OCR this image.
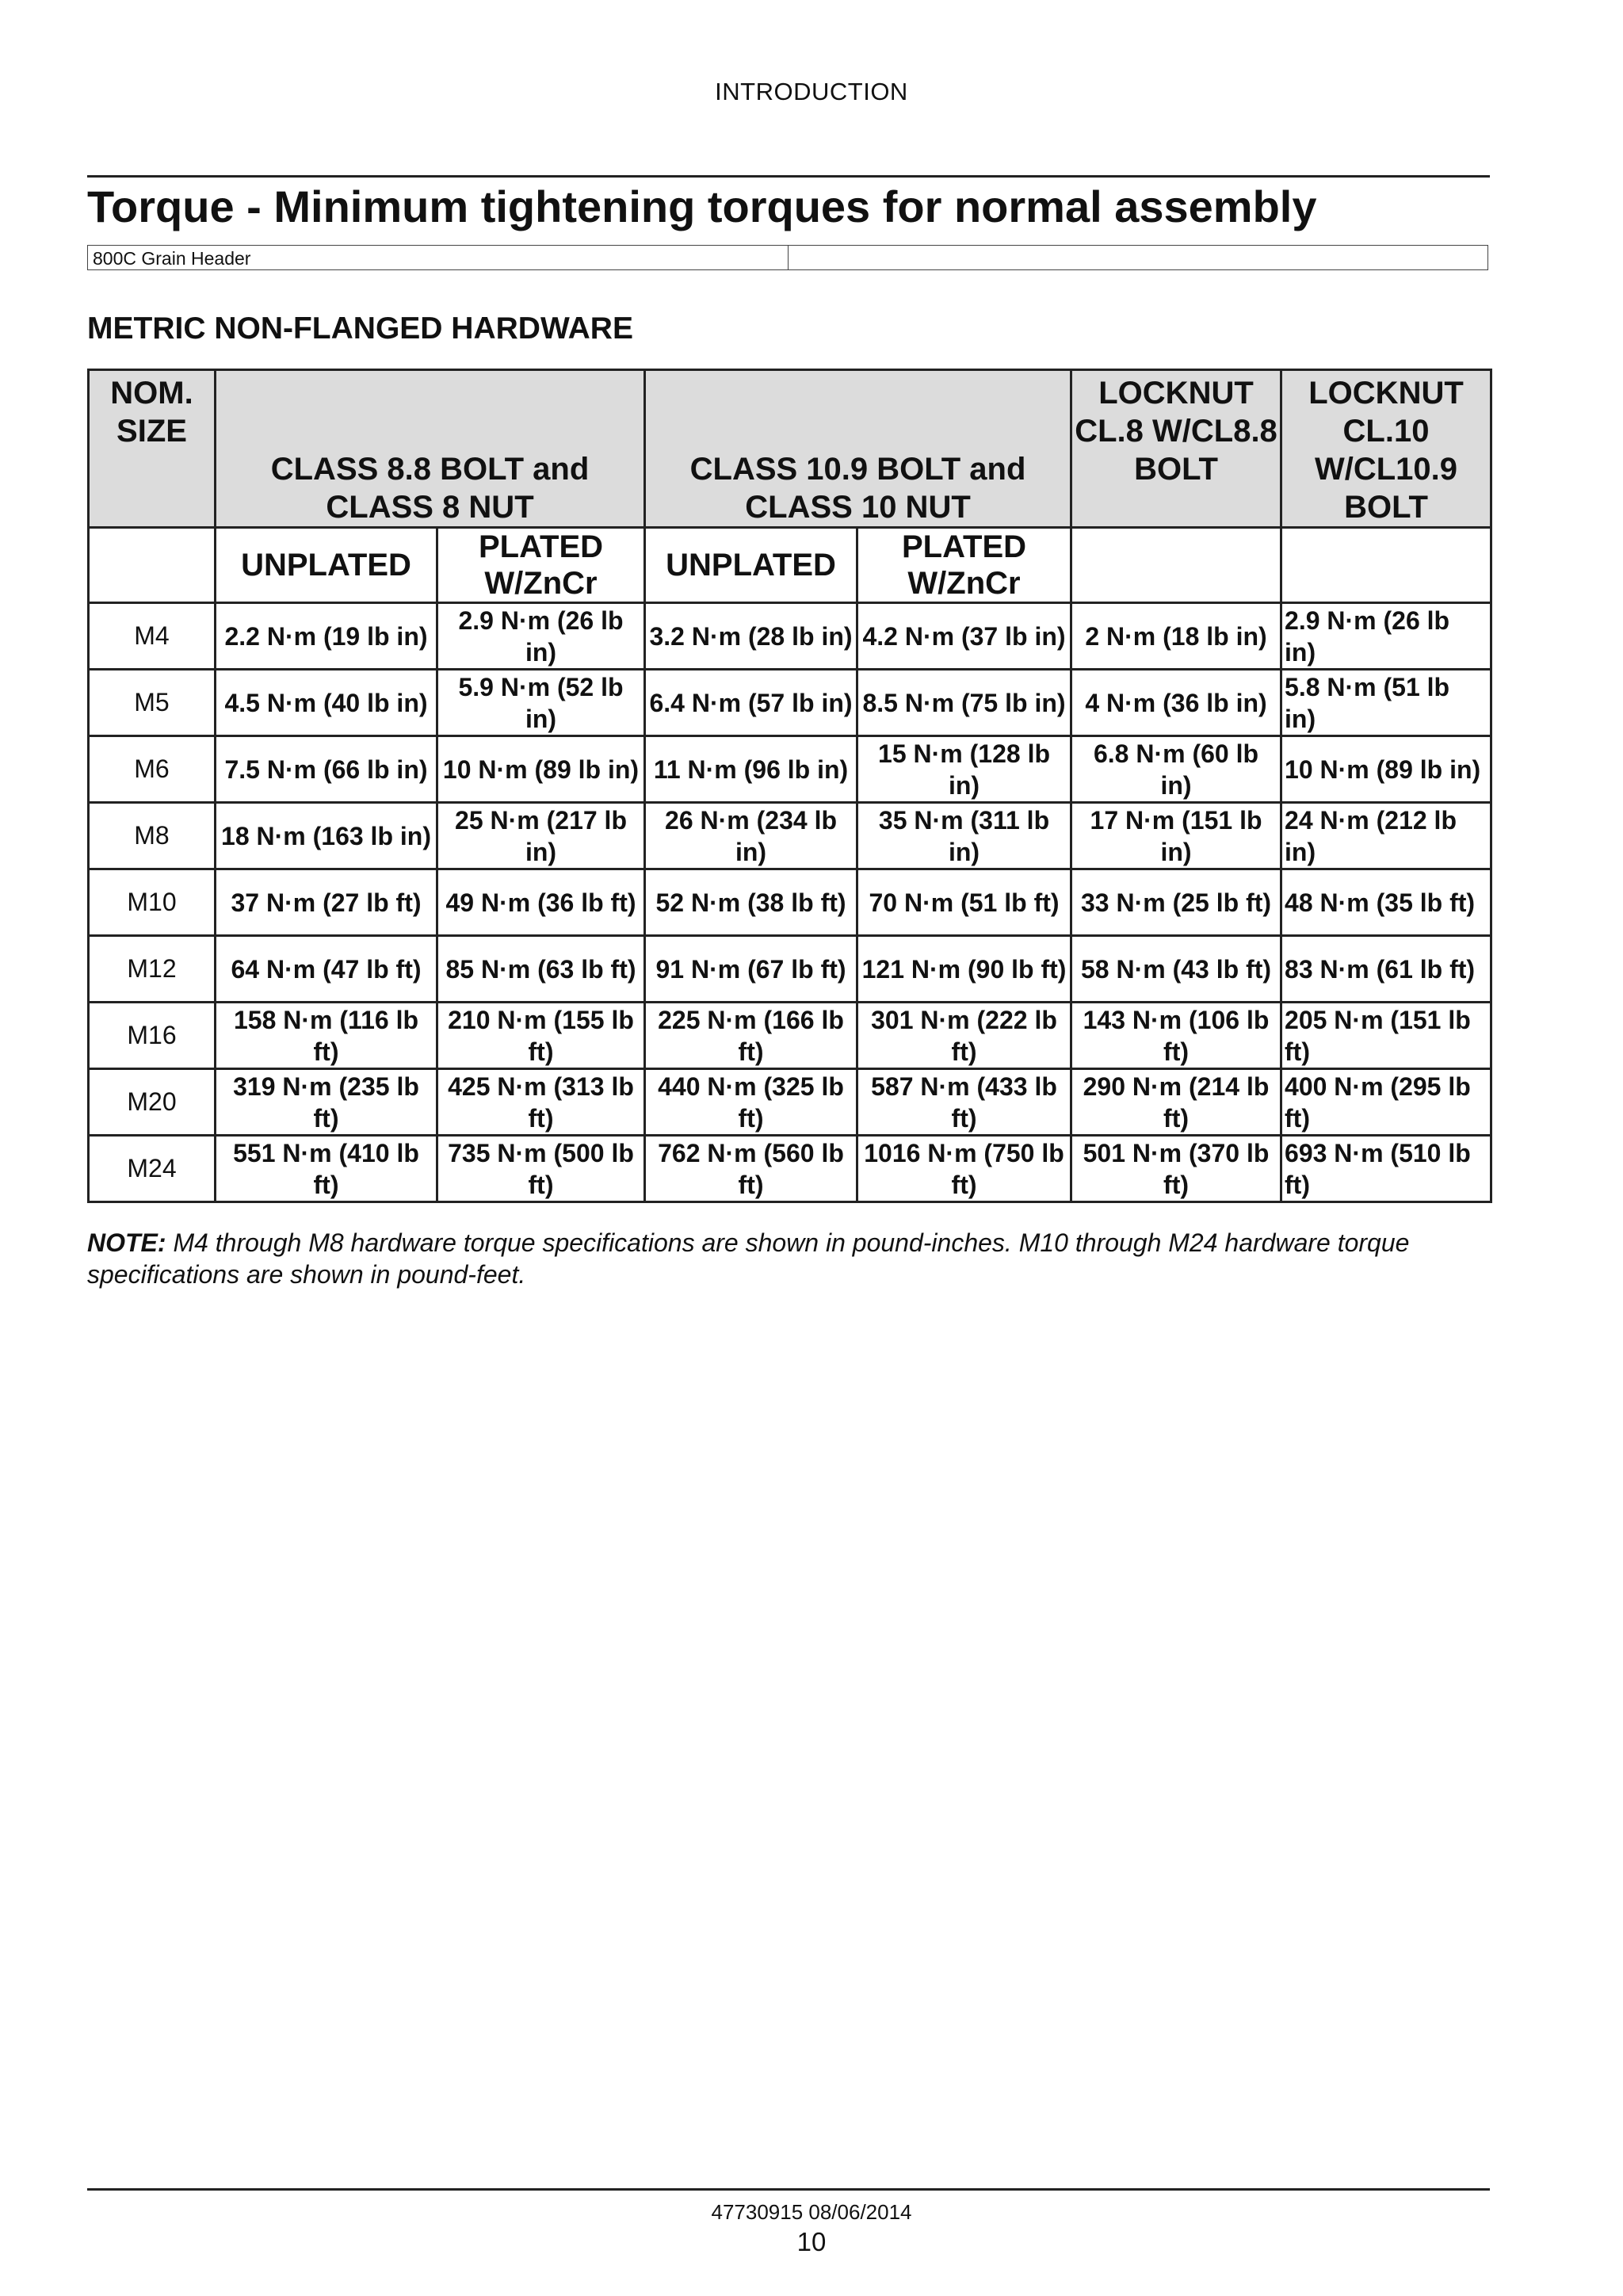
INTRODUCTION
Torque - Minimum tightening torques for normal assembly
800C Grain Header
METRIC NON-FLANGED HARDWARE
NOM. SIZE	CLASS 8.8 BOLT and CLASS 8 NUT		CLASS 10.9 BOLT and CLASS 10 NUT		LOCKNUT CL.8 W/CL8.8 BOLT	LOCKNUT CL.10 W/CL10.9 BOLT
	UNPLATED	PLATED W/ZnCr	UNPLATED	PLATED W/ZnCr		
M4	2.2 N·m (19 lb in)	2.9 N·m (26 lb in)	3.2 N·m (28 lb in)	4.2 N·m (37 lb in)	2 N·m (18 lb in)	2.9 N·m (26 lb in)
M5	4.5 N·m (40 lb in)	5.9 N·m (52 lb in)	6.4 N·m (57 lb in)	8.5 N·m (75 lb in)	4 N·m (36 lb in)	5.8 N·m (51 lb in)
M6	7.5 N·m (66 lb in)	10 N·m (89 lb in)	11 N·m (96 lb in)	15 N·m (128 lb in)	6.8 N·m (60 lb in)	10 N·m (89 lb in)
M8	18 N·m (163 lb in)	25 N·m (217 lb in)	26 N·m (234 lb in)	35 N·m (311 lb in)	17 N·m (151 lb in)	24 N·m (212 lb in)
M10	37 N·m (27 lb ft)	49 N·m (36 lb ft)	52 N·m (38 lb ft)	70 N·m (51 lb ft)	33 N·m (25 lb ft)	48 N·m (35 lb ft)
M12	64 N·m (47 lb ft)	85 N·m (63 lb ft)	91 N·m (67 lb ft)	121 N·m (90 lb ft)	58 N·m (43 lb ft)	83 N·m (61 lb ft)
M16	158 N·m (116 lb ft)	210 N·m (155 lb ft)	225 N·m (166 lb ft)	301 N·m (222 lb ft)	143 N·m (106 lb ft)	205 N·m (151 lb ft)
M20	319 N·m (235 lb ft)	425 N·m (313 lb ft)	440 N·m (325 lb ft)	587 N·m (433 lb ft)	290 N·m (214 lb ft)	400 N·m (295 lb ft)
M24	551 N·m (410 lb ft)	735 N·m (500 lb ft)	762 N·m (560 lb ft)	1016 N·m (750 lb ft)	501 N·m (370 lb ft)	693 N·m (510 lb ft)

NOTE: M4 through M8 hardware torque specifications are shown in pound-inches. M10 through M24 hardware torque specifications are shown in pound-feet.

47730915 08/06/2014
10
